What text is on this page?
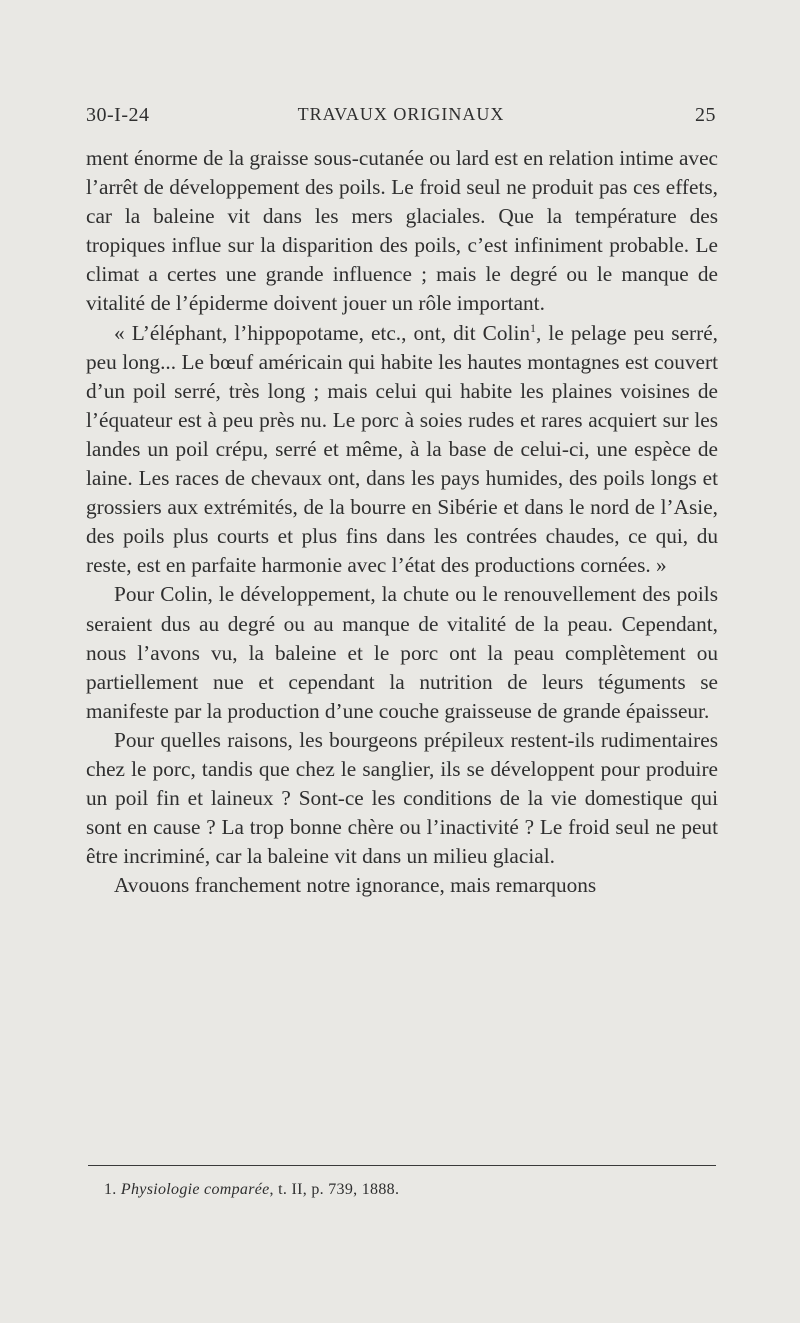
30-I-24	TRAVAUX ORIGINAUX	25

ment énorme de la graisse sous-cutanée ou lard est en relation intime avec l’arrêt de développement des poils. Le froid seul ne produit pas ces effets, car la baleine vit dans les mers glaciales. Que la température des tropiques influe sur la disparition des poils, c’est infiniment probable. Le climat a certes une grande influence ; mais le degré ou le manque de vitalité de l’épiderme doivent jouer un rôle important.

« L’éléphant, l’hippopotame, etc., ont, dit Colin$^1$, le pelage peu serré, peu long... Le bœuf américain qui habite les hautes montagnes est couvert d’un poil serré, très long ; mais celui qui habite les plaines voisines de l’équateur est à peu près nu. Le porc à soies rudes et rares acquiert sur les landes un poil crépu, serré et même, à la base de celui-ci, une espèce de laine. Les races de chevaux ont, dans les pays humides, des poils longs et grossiers aux extrémités, de la bourre en Sibérie et dans le nord de l’Asie, des poils plus courts et plus fins dans les contrées chaudes, ce qui, du reste, est en parfaite harmonie avec l’état des productions cornées. »

Pour Colin, le développement, la chute ou le renouvellement des poils seraient dus au degré ou au manque de vitalité de la peau. Cependant, nous l’avons vu, la baleine et le porc ont la peau complètement ou partiellement nue et cependant la nutrition de leurs téguments se manifeste par la production d’une couche graisseuse de grande épaisseur.

Pour quelles raisons, les bourgeons prépileux restent-ils rudimentaires chez le porc, tandis que chez le sanglier, ils se développent pour produire un poil fin et laineux ? Sont-ce les conditions de la vie domestique qui sont en cause ? La trop bonne chère ou l’inactivité ? Le froid seul ne peut être incriminé, car la baleine vit dans un milieu glacial.

Avouons franchement notre ignorance, mais remarquons

1. Physiologie comparée, t. II, p. 739, 1888.
